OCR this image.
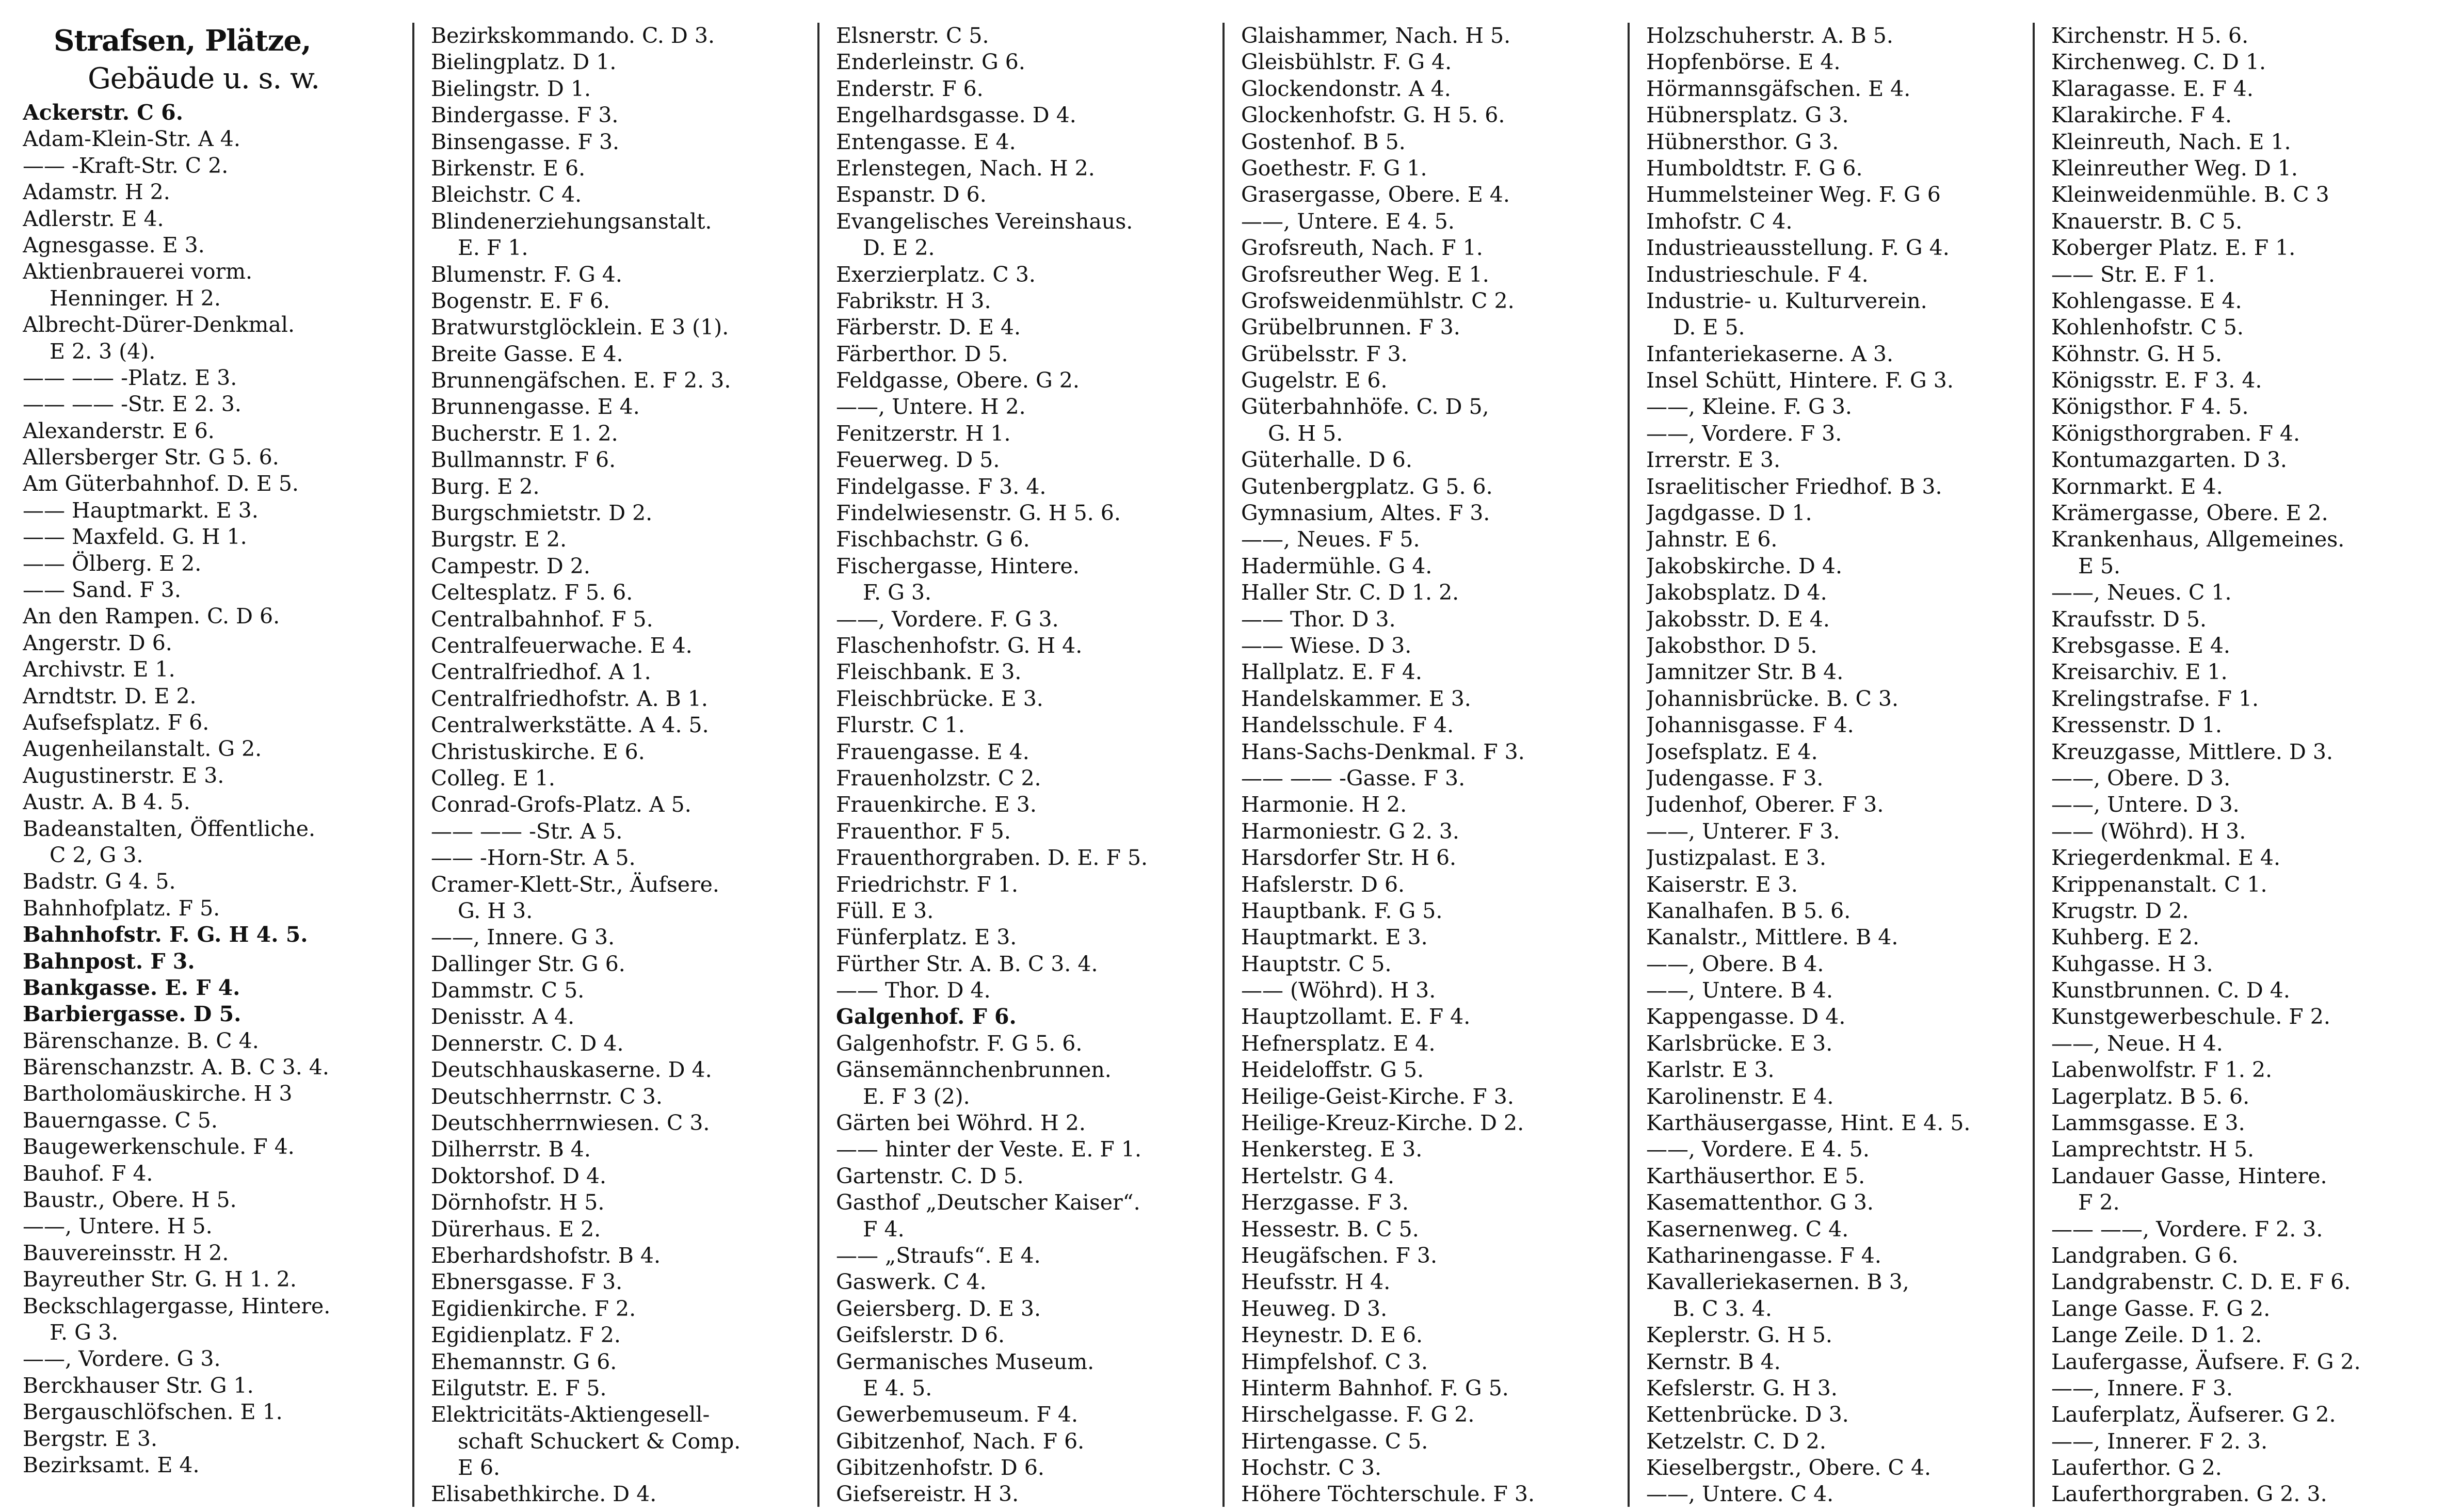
Strafsen, Plätze,
Gebäude u. s. w.
Ackerstr. C 6.
Adam-Klein-Str. A 4.
—— -Kraft-Str. C 2.
Adamstr. H 2.
Adlerstr. E 4.
Agnesgasse. E 3.
Aktienbrauerei vorm.
Henninger. H 2.
Albrecht-Dürer-Denkmal.
E 2. 3 (4).
—— —— -Platz. E 3.
—— —— -Str. E 2. 3.
Alexanderstr. E 6.
Allersberger Str. G 5. 6.
Am Güterbahnhof. D. E 5.
—— Hauptmarkt. E 3.
—— Maxfeld. G. H 1.
—— Ölberg. E 2.
—— Sand. F 3.
An den Rampen. C. D 6.
Angerstr. D 6.
Archivstr. E 1.
Arndtstr. D. E 2.
Aufsefsplatz. F 6.
Augenheilanstalt. G 2.
Augustinerstr. E 3.
Austr. A. B 4. 5.
Badeanstalten, Öffentliche.
C 2, G 3.
Badstr. G 4. 5.
Bahnhofplatz. F 5.
Bahnhofstr. F. G. H 4. 5.
Bahnpost. F 3.
Bankgasse. E. F 4.
Barbiergasse. D 5.
Bärenschanze. B. C 4.
Bärenschanzstr. A. B. C 3. 4.
Bartholomäuskirche. H 3
Bauerngasse. C 5.
Baugewerkenschule. F 4.
Bauhof. F 4.
Baustr., Obere. H 5.
——, Untere. H 5.
Bauvereinsstr. H 2.
Bayreuther Str. G. H 1. 2.
Beckschlagergasse, Hintere.
F. G 3.
——, Vordere. G 3.
Berckhauser Str. G 1.
Bergauschlöfschen. E 1.
Bergstr. E 3.
Bezirksamt. E 4.
Bezirkskommando. C. D 3.
Bielingplatz. D 1.
Bielingstr. D 1.
Bindergasse. F 3.
Binsengasse. F 3.
Birkenstr. E 6.
Bleichstr. C 4.
Blindenerziehungsanstalt.
E. F 1.
Blumenstr. F. G 4.
Bogenstr. E. F 6.
Bratwurstglöcklein. E 3 (1).
Breite Gasse. E 4.
Brunnengäfschen. E. F 2. 3.
Brunnengasse. E 4.
Bucherstr. E 1. 2.
Bullmannstr. F 6.
Burg. E 2.
Burgschmietstr. D 2.
Burgstr. E 2.
Campestr. D 2.
Celtesplatz. F 5. 6.
Centralbahnhof. F 5.
Centralfeuerwache. E 4.
Centralfriedhof. A 1.
Centralfriedhofstr. A. B 1.
Centralwerkstätte. A 4. 5.
Christuskirche. E 6.
Colleg. E 1.
Conrad-Grofs-Platz. A 5.
—— —— -Str. A 5.
—— -Horn-Str. A 5.
Cramer-Klett-Str., Äufsere.
G. H 3.
——, Innere. G 3.
Dallinger Str. G 6.
Dammstr. C 5.
Denisstr. A 4.
Dennerstr. C. D 4.
Deutschhauskaserne. D 4.
Deutschherrnstr. C 3.
Deutschherrnwiesen. C 3.
Dilherrstr. B 4.
Doktorshof. D 4.
Dörnhofstr. H 5.
Dürerhaus. E 2.
Eberhardshofstr. B 4.
Ebnersgasse. F 3.
Egidienkirche. F 2.
Egidienplatz. F 2.
Ehemannstr. G 6.
Eilgutstr. E. F 5.
Elektricitäts-Aktiengesell-
schaft Schuckert & Comp.
E 6.
Elisabethkirche. D 4.
Elsnerstr. C 5.
Enderleinstr. G 6.
Enderstr. F 6.
Engelhardsgasse. D 4.
Entengasse. E 4.
Erlenstegen, Nach. H 2.
Espanstr. D 6.
Evangelisches Vereinshaus.
D. E 2.
Exerzierplatz. C 3.
Fabrikstr. H 3.
Färberstr. D. E 4.
Färberthor. D 5.
Feldgasse, Obere. G 2.
——, Untere. H 2.
Fenitzerstr. H 1.
Feuerweg. D 5.
Findelgasse. F 3. 4.
Findelwiesenstr. G. H 5. 6.
Fischbachstr. G 6.
Fischergasse, Hintere.
F. G 3.
——, Vordere. F. G 3.
Flaschenhofstr. G. H 4.
Fleischbank. E 3.
Fleischbrücke. E 3.
Flurstr. C 1.
Frauengasse. E 4.
Frauenholzstr. C 2.
Frauenkirche. E 3.
Frauenthor. F 5.
Frauenthorgraben. D. E. F 5.
Friedrichstr. F 1.
Füll. E 3.
Fünferplatz. E 3.
Fürther Str. A. B. C 3. 4.
—— Thor. D 4.
Galgenhof. F 6.
Galgenhofstr. F. G 5. 6.
Gänsemännchenbrunnen.
E. F 3 (2).
Gärten bei Wöhrd. H 2.
—— hinter der Veste. E. F 1.
Gartenstr. C. D 5.
Gasthof „Deutscher Kaiser“.
F 4.
—— „Straufs“. E 4.
Gaswerk. C 4.
Geiersberg. D. E 3.
Geifslerstr. D 6.
Germanisches Museum.
E 4. 5.
Gewerbemuseum. F 4.
Gibitzenhof, Nach. F 6.
Gibitzenhofstr. D 6.
Giefsereistr. H 3.
Glaishammer, Nach. H 5.
Gleisbühlstr. F. G 4.
Glockendonstr. A 4.
Glockenhofstr. G. H 5. 6.
Gostenhof. B 5.
Goethestr. F. G 1.
Grasergasse, Obere. E 4.
——, Untere. E 4. 5.
Grofsreuth, Nach. F 1.
Grofsreuther Weg. E 1.
Grofsweidenmühlstr. C 2.
Grübelbrunnen. F 3.
Grübelsstr. F 3.
Gugelstr. E 6.
Güterbahnhöfe. C. D 5,
G. H 5.
Güterhalle. D 6.
Gutenbergplatz. G 5. 6.
Gymnasium, Altes. F 3.
——, Neues. F 5.
Hadermühle. G 4.
Haller Str. C. D 1. 2.
—— Thor. D 3.
—— Wiese. D 3.
Hallplatz. E. F 4.
Handelskammer. E 3.
Handelsschule. F 4.
Hans-Sachs-Denkmal. F 3.
—— —— -Gasse. F 3.
Harmonie. H 2.
Harmoniestr. G 2. 3.
Harsdorfer Str. H 6.
Hafslerstr. D 6.
Hauptbank. F. G 5.
Hauptmarkt. E 3.
Hauptstr. C 5.
—— (Wöhrd). H 3.
Hauptzollamt. E. F 4.
Hefnersplatz. E 4.
Heideloffstr. G 5.
Heilige-Geist-Kirche. F 3.
Heilige-Kreuz-Kirche. D 2.
Henkersteg. E 3.
Hertelstr. G 4.
Herzgasse. F 3.
Hessestr. B. C 5.
Heugäfschen. F 3.
Heufsstr. H 4.
Heuweg. D 3.
Heynestr. D. E 6.
Himpfelshof. C 3.
Hinterm Bahnhof. F. G 5.
Hirschelgasse. F. G 2.
Hirtengasse. C 5.
Hochstr. C 3.
Höhere Töchterschule. F 3.
Holzschuherstr. A. B 5.
Hopfenbörse. E 4.
Hörmannsgäfschen. E 4.
Hübnersplatz. G 3.
Hübnersthor. G 3.
Humboldtstr. F. G 6.
Hummelsteiner Weg. F. G 6
Imhofstr. C 4.
Industrieausstellung. F. G 4.
Industrieschule. F 4.
Industrie- u. Kulturverein.
D. E 5.
Infanteriekaserne. A 3.
Insel Schütt, Hintere. F. G 3.
——, Kleine. F. G 3.
——, Vordere. F 3.
Irrerstr. E 3.
Israelitischer Friedhof. B 3.
Jagdgasse. D 1.
Jahnstr. E 6.
Jakobskirche. D 4.
Jakobsplatz. D 4.
Jakobsstr. D. E 4.
Jakobsthor. D 5.
Jamnitzer Str. B 4.
Johannisbrücke. B. C 3.
Johannisgasse. F 4.
Josefsplatz. E 4.
Judengasse. F 3.
Judenhof, Oberer. F 3.
——, Unterer. F 3.
Justizpalast. E 3.
Kaiserstr. E 3.
Kanalhafen. B 5. 6.
Kanalstr., Mittlere. B 4.
——, Obere. B 4.
——, Untere. B 4.
Kappengasse. D 4.
Karlsbrücke. E 3.
Karlstr. E 3.
Karolinenstr. E 4.
Karthäusergasse, Hint. E 4. 5.
——, Vordere. E 4. 5.
Karthäuserthor. E 5.
Kasemattenthor. G 3.
Kasernenweg. C 4.
Katharinengasse. F 4.
Kavalleriekasernen. B 3,
B. C 3. 4.
Keplerstr. G. H 5.
Kernstr. B 4.
Kefslerstr. G. H 3.
Kettenbrücke. D 3.
Ketzelstr. C. D 2.
Kieselbergstr., Obere. C 4.
——, Untere. C 4.
Kirchenstr. H 5. 6.
Kirchenweg. C. D 1.
Klaragasse. E. F 4.
Klarakirche. F 4.
Kleinreuth, Nach. E 1.
Kleinreuther Weg. D 1.
Kleinweidenmühle. B. C 3
Knauerstr. B. C 5.
Koberger Platz. E. F 1.
—— Str. E. F 1.
Kohlengasse. E 4.
Kohlenhofstr. C 5.
Köhnstr. G. H 5.
Königsstr. E. F 3. 4.
Königsthor. F 4. 5.
Königsthorgraben. F 4.
Kontumazgarten. D 3.
Kornmarkt. E 4.
Krämergasse, Obere. E 2.
Krankenhaus, Allgemeines.
E 5.
——, Neues. C 1.
Kraufsstr. D 5.
Krebsgasse. E 4.
Kreisarchiv. E 1.
Krelingstrafse. F 1.
Kressenstr. D 1.
Kreuzgasse, Mittlere. D 3.
——, Obere. D 3.
——, Untere. D 3.
—— (Wöhrd). H 3.
Kriegerdenkmal. E 4.
Krippenanstalt. C 1.
Krugstr. D 2.
Kuhberg. E 2.
Kuhgasse. H 3.
Kunstbrunnen. C. D 4.
Kunstgewerbeschule. F 2.
——, Neue. H 4.
Labenwolfstr. F 1. 2.
Lagerplatz. B 5. 6.
Lammsgasse. E 3.
Lamprechtstr. H 5.
Landauer Gasse, Hintere.
F 2.
—— ——, Vordere. F 2. 3.
Landgraben. G 6.
Landgrabenstr. C. D. E. F 6.
Lange Gasse. F. G 2.
Lange Zeile. D 1. 2.
Laufergasse, Äufsere. F. G 2.
——, Innere. F 3.
Lauferplatz, Äufserer. G 2.
——, Innerer. F 2. 3.
Lauferthor. G 2.
Lauferthorgraben. G 2. 3.
